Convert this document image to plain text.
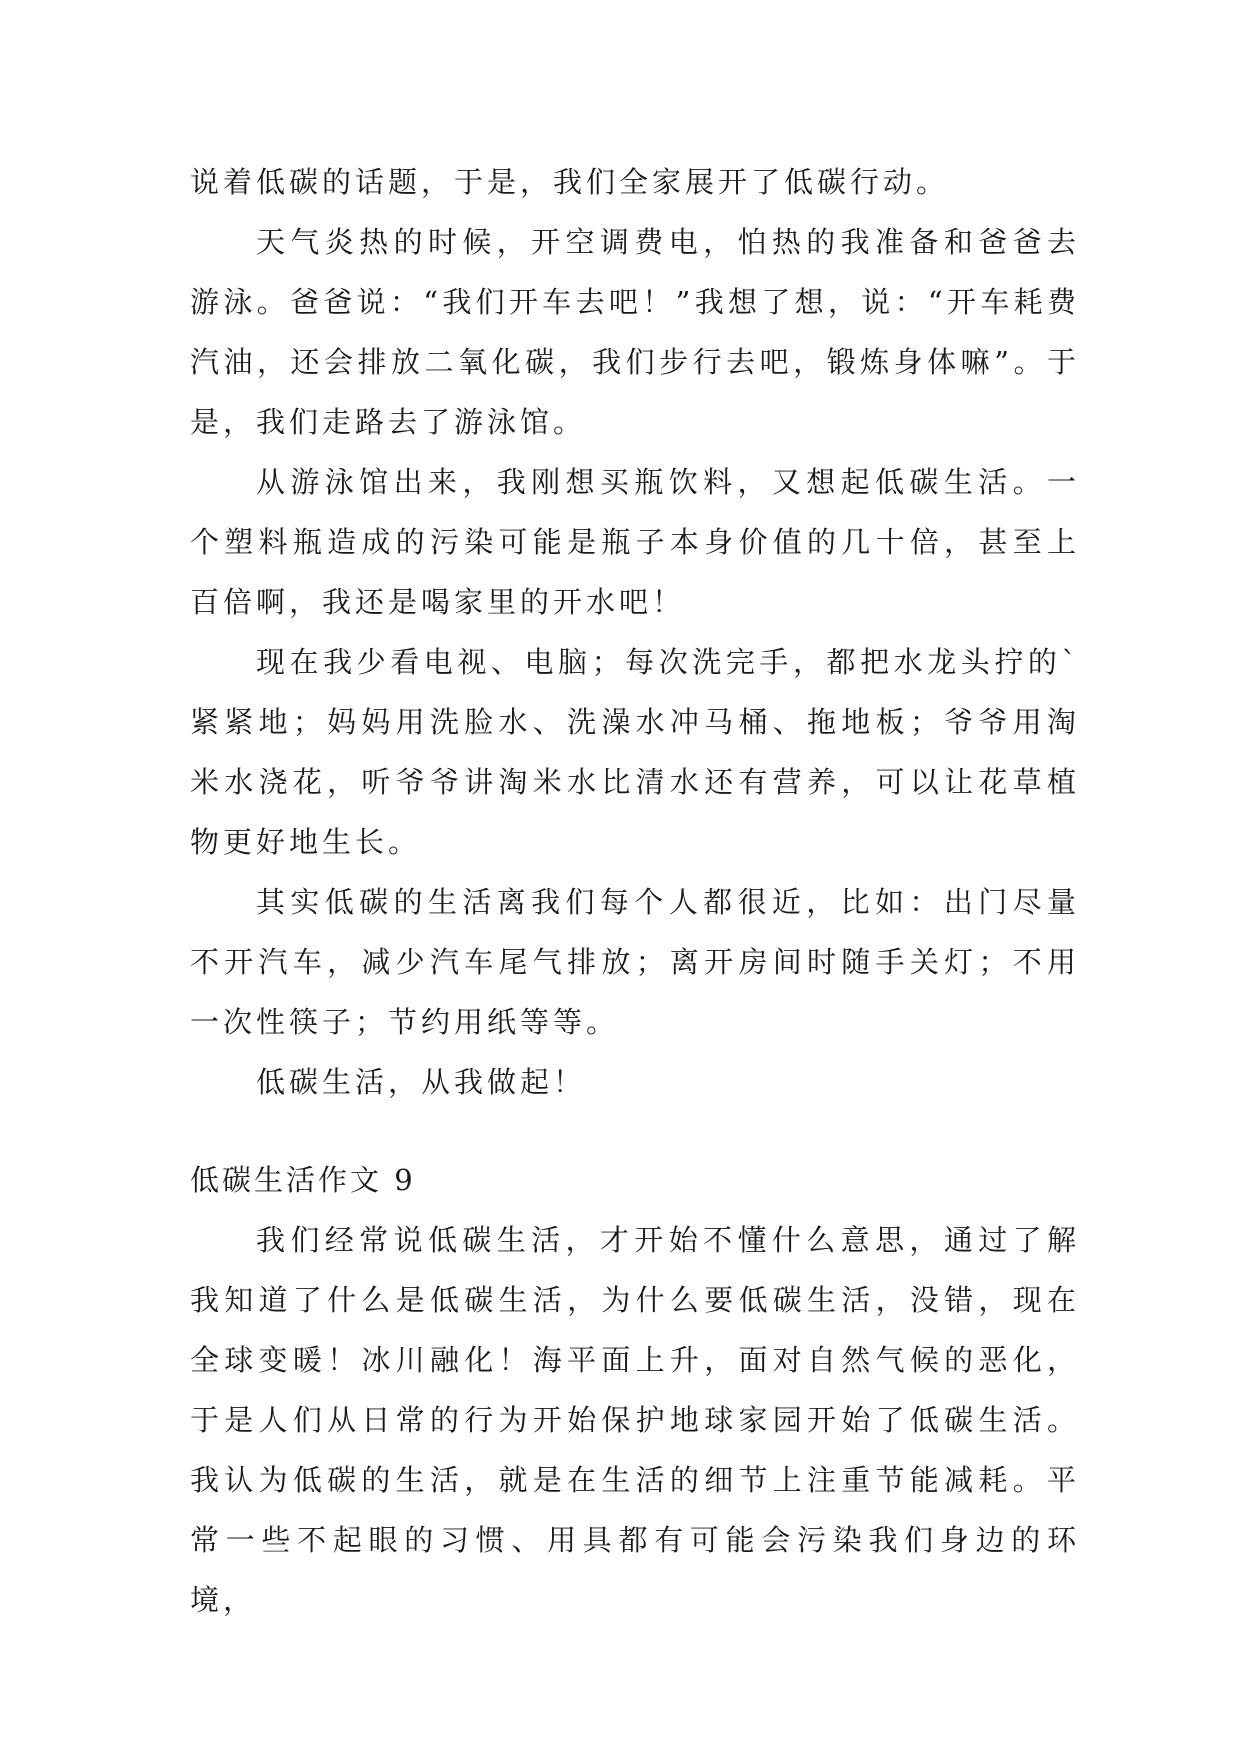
说着低碳的话题，于是，我们全家展开了低碳行动。

天气炎热的时候，开空调费电，怕热的我准备和爸爸去游泳。爸爸说：“我们开车去吧！”我想了想，说：“开车耗费汽油，还会排放二氧化碳，我们步行去吧，锻炼身体嘛”。于是，我们走路去了游泳馆。

从游泳馆出来，我刚想买瓶饮料，又想起低碳生活。一个塑料瓶造成的污染可能是瓶子本身价值的几十倍，甚至上百倍啊，我还是喝家里的开水吧！

现在我少看电视、电脑；每次洗完手，都把水龙头拧的`紧紧地；妈妈用洗脸水、洗澡水冲马桶、拖地板；爷爷用淘米水浇花，听爷爷讲淘米水比清水还有营养，可以让花草植物更好地生长。

其实低碳的生活离我们每个人都很近，比如：出门尽量不开汽车，减少汽车尾气排放；离开房间时随手关灯；不用一次性筷子；节约用纸等等。

低碳生活，从我做起！

低碳生活作文 9

我们经常说低碳生活，才开始不懂什么意思，通过了解我知道了什么是低碳生活，为什么要低碳生活，没错，现在全球变暖！冰川融化！海平面上升，面对自然气候的恶化，于是人们从日常的行为开始保护地球家园开始了低碳生活。我认为低碳的生活，就是在生活的细节上注重节能减耗。平常一些不起眼的习惯、用具都有可能会污染我们身边的环境，
